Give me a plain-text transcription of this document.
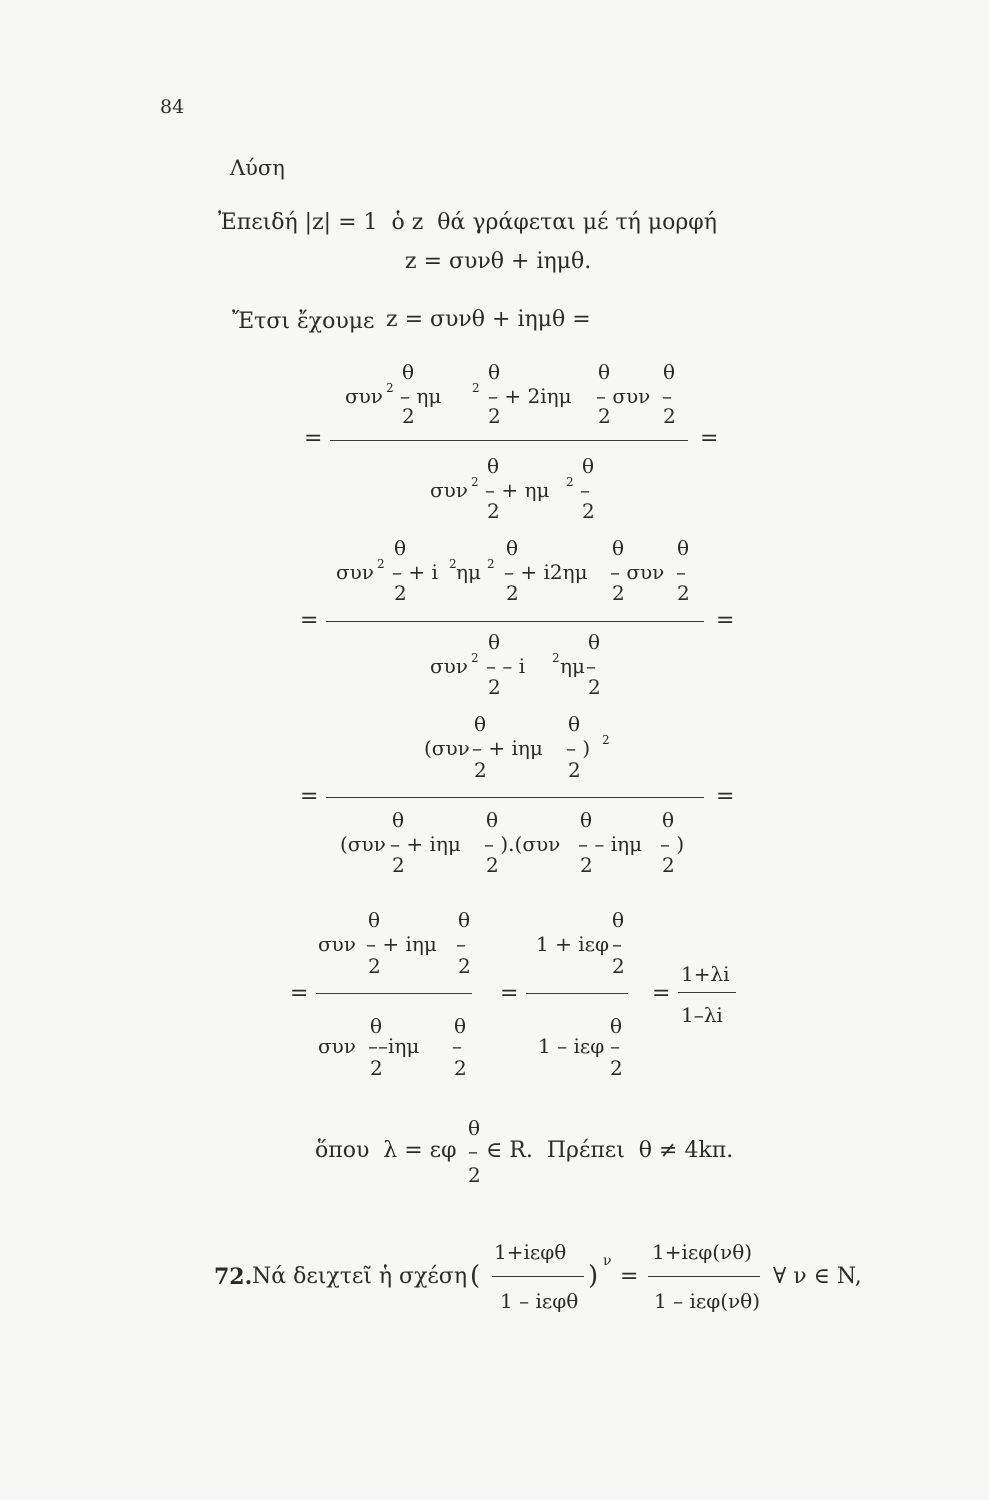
84
Λύση
Ἐπειδή |z| = 1  ὁ z  θά γράφεται μέ τή μορφή
z = συνθ + iημθ.
Ἔτσι ἔχουμε z = συνθ + iημθ =
συν 2
θ
2
– ημ	2
θ
2
– + 2iημ
θ
2
– συν
θ
2
–
=	=
συν 2
θ
2
– + ημ 2
θ
2
–
συν 2
θ
2
– + i 2 ημ 2
θ
2
– + i2ημ
θ
2
– συν
θ
2
–
=	=
συν 2
θ
2
– – i 2 ημ
θ
2
–
(συν
θ
2
– + iημ
θ
2
– ) 2
=	=
(συν
θ
2
– + iημ
θ
2
– ).(συν
θ
2
– – iημ
θ
2
– )
συν
θ
2
– + iημ
θ
2
–
=	=
συν
θ
2
––iημ
θ
2
–
1 + iεφ
θ
2
–
=
1 – iεφ
θ
2
–
1+λi
1–λi
ὅπου  λ = εφ
θ
–
2
∈ R.  Πρέπει  θ ≠ 4kπ.
72. Νά δειχτεῖ ἡ σχέση (
1+iεφθ
1 – iεφθ
) ν
=
1+iεφ(νθ)
1 – iεφ(νθ)
∀ ν ∈ N,
